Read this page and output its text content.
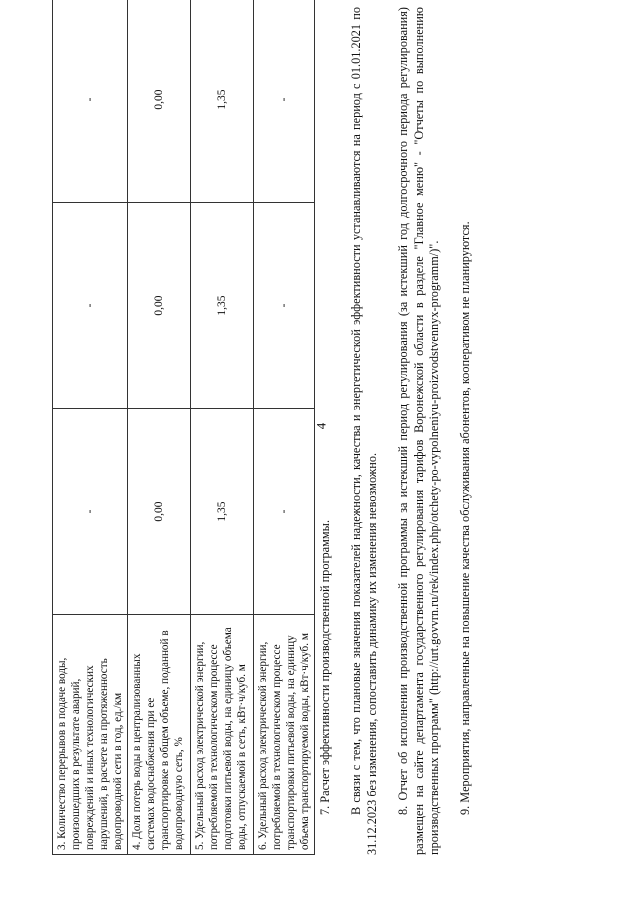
4
3. Количество перерывов в подаче воды, произошедших в результате аварий, повреждений и иных технологических нарушений, в расчете на протяженность водопроводной сети в год, ед./км	-	-	-
4. Доля потерь воды в централизованных системах водоснабжения при ее транспортировке в общем объеме, поданной в водопроводную сеть, %	0,00	0,00	0,00
5. Удельный расход электрической энергии, потребляемой в технологическом процессе подготовки питьевой воды, на единицу объема воды, отпускаемой в сеть, кВт·ч/куб. м	1,35	1,35	1,35
6. Удельный расход электрической энергии, потребляемой в технологическом процессе транспортировки питьевой воды, на единицу объема транспортируемой воды, кВт·ч/куб. м	-	-	-

7. Расчет эффективности производственной программы. В связи с тем, что плановые значения показателей надежности, качества и энергетической эффективности устанавливаются на период с 01.01.2021 по 31.12.2023 без изменения, сопоставить динамику их изменения невозможно. 8. Отчет об исполнении производственной программы за истекший период регулирования (за истекший год долгосрочного периода регулирования) размещен на сайте департамента государственного регулирования тарифов Воронежской области в разделе "Главное меню" - "Отчеты по выполнению производственных программ" (http://urt.govvrn.ru/rek/index.php/otchety-po-vypolneniyu-proizvodstvennyx-programm/)". 9. Мероприятия, направленные на повышение качества обслуживания абонентов, кооперативом не планируются.
